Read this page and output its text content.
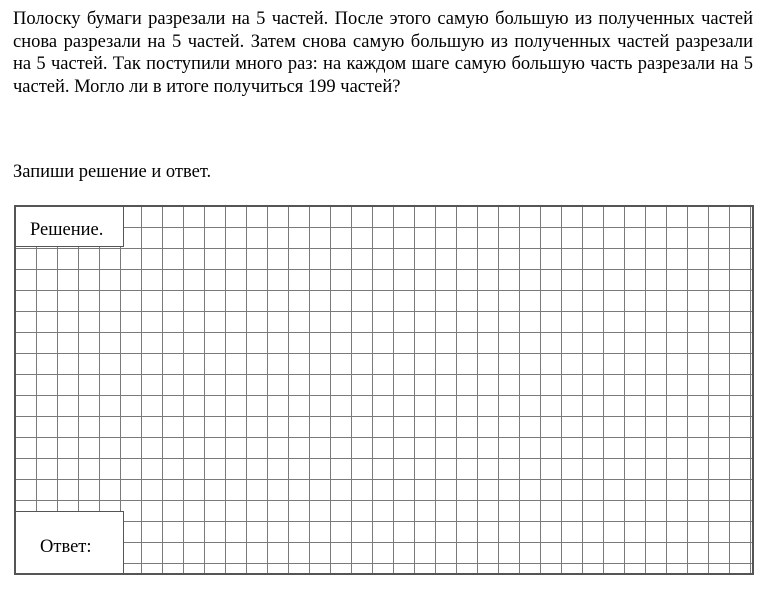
Полоску бумаги разрезали на 5 частей. После этого самую большую из полученных частей снова разрезали на 5 частей. Затем снова самую большую из полученных частей разрезали на 5 частей. Так поступили много раз: на каждом шаге самую большую часть разрезали на 5 частей. Могло ли в итоге получиться 199 частей?

Запиши решение и ответ.

Решение.
Ответ:
